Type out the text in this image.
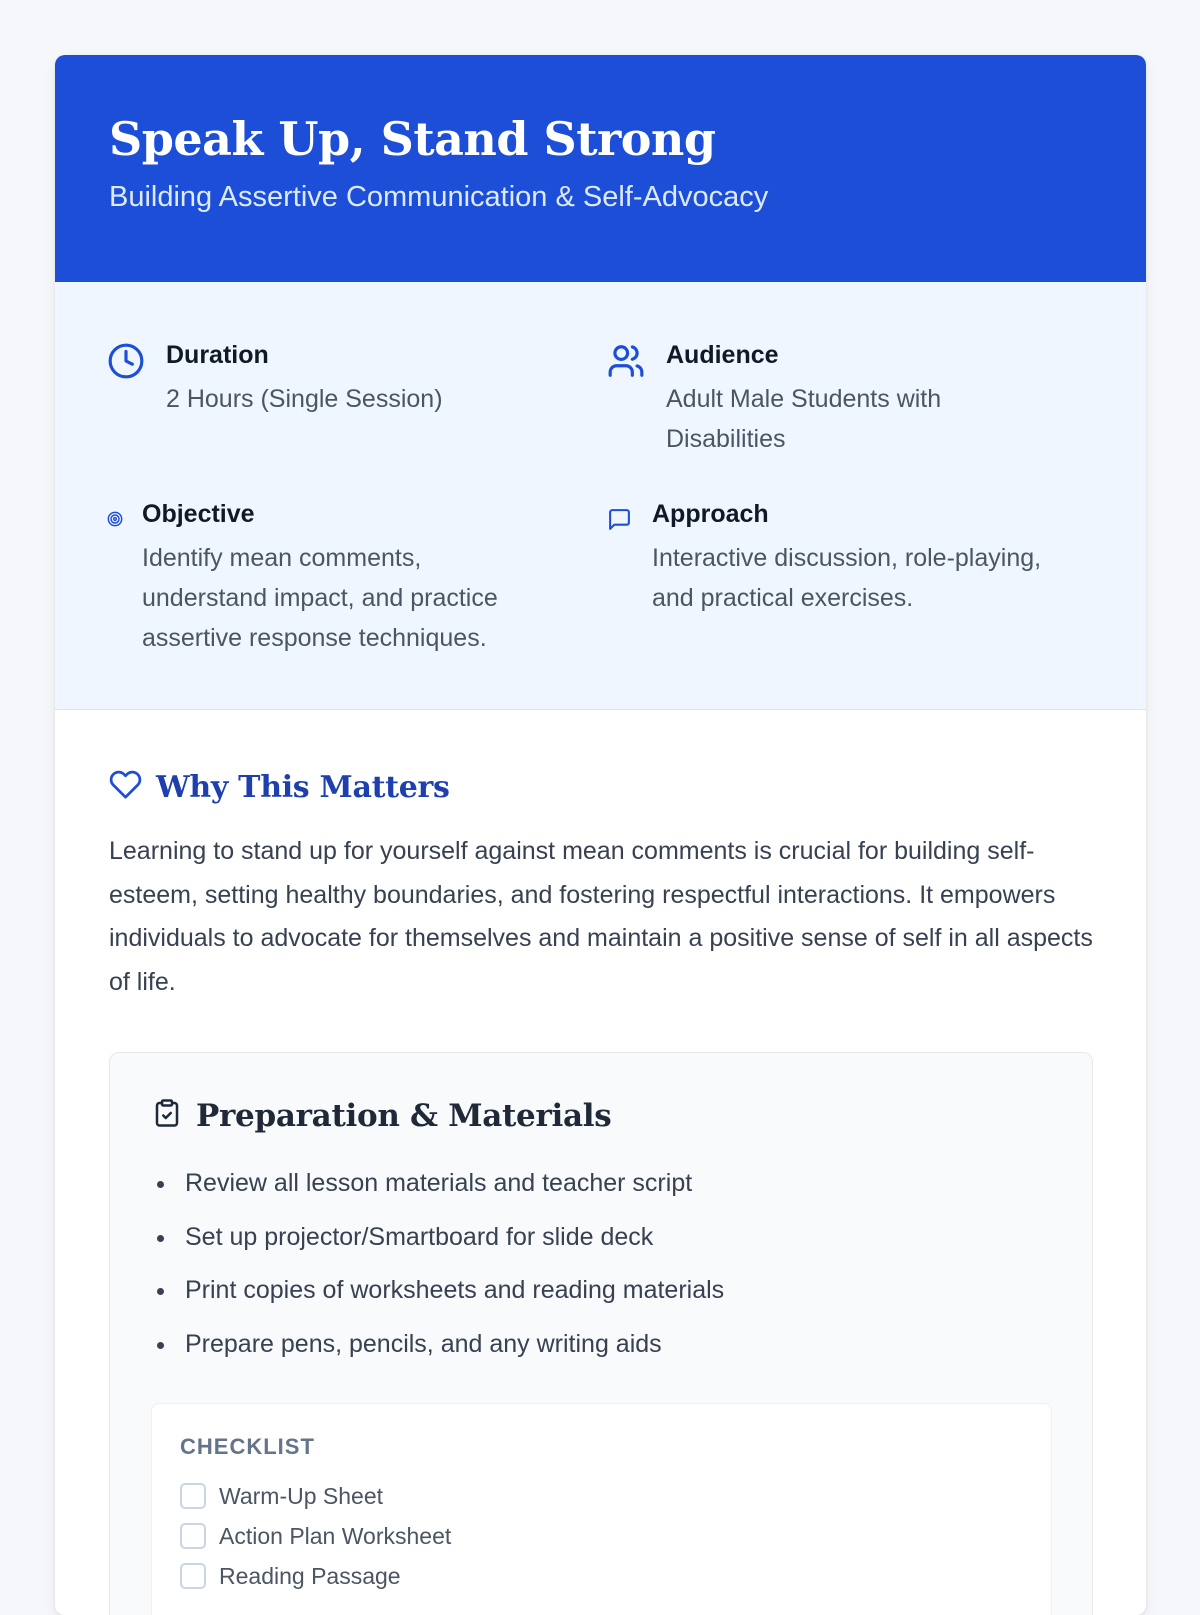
Speak Up, Stand Strong

Building Assertive Communication & Self-Advocacy

Duration
2 Hours (Single Session)
Audience
Adult Male Students with Disabilities
Objective
Identify mean comments, understand impact, and practice assertive response techniques.
Approach
Interactive discussion, role-playing, and practical exercises.
Why This Matters

Learning to stand up for yourself against mean comments is crucial for building self-esteem, setting healthy boundaries, and fostering respectful interactions. It empowers individuals to advocate for themselves and maintain a positive sense of self in all aspects of life.

Preparation & Materials
Review all lesson materials and teacher script
Set up projector/Smartboard for slide deck
Print copies of worksheets and reading materials
Prepare pens, pencils, and any writing aids
CHECKLIST
Warm-Up Sheet
Action Plan Worksheet
Reading Passage
